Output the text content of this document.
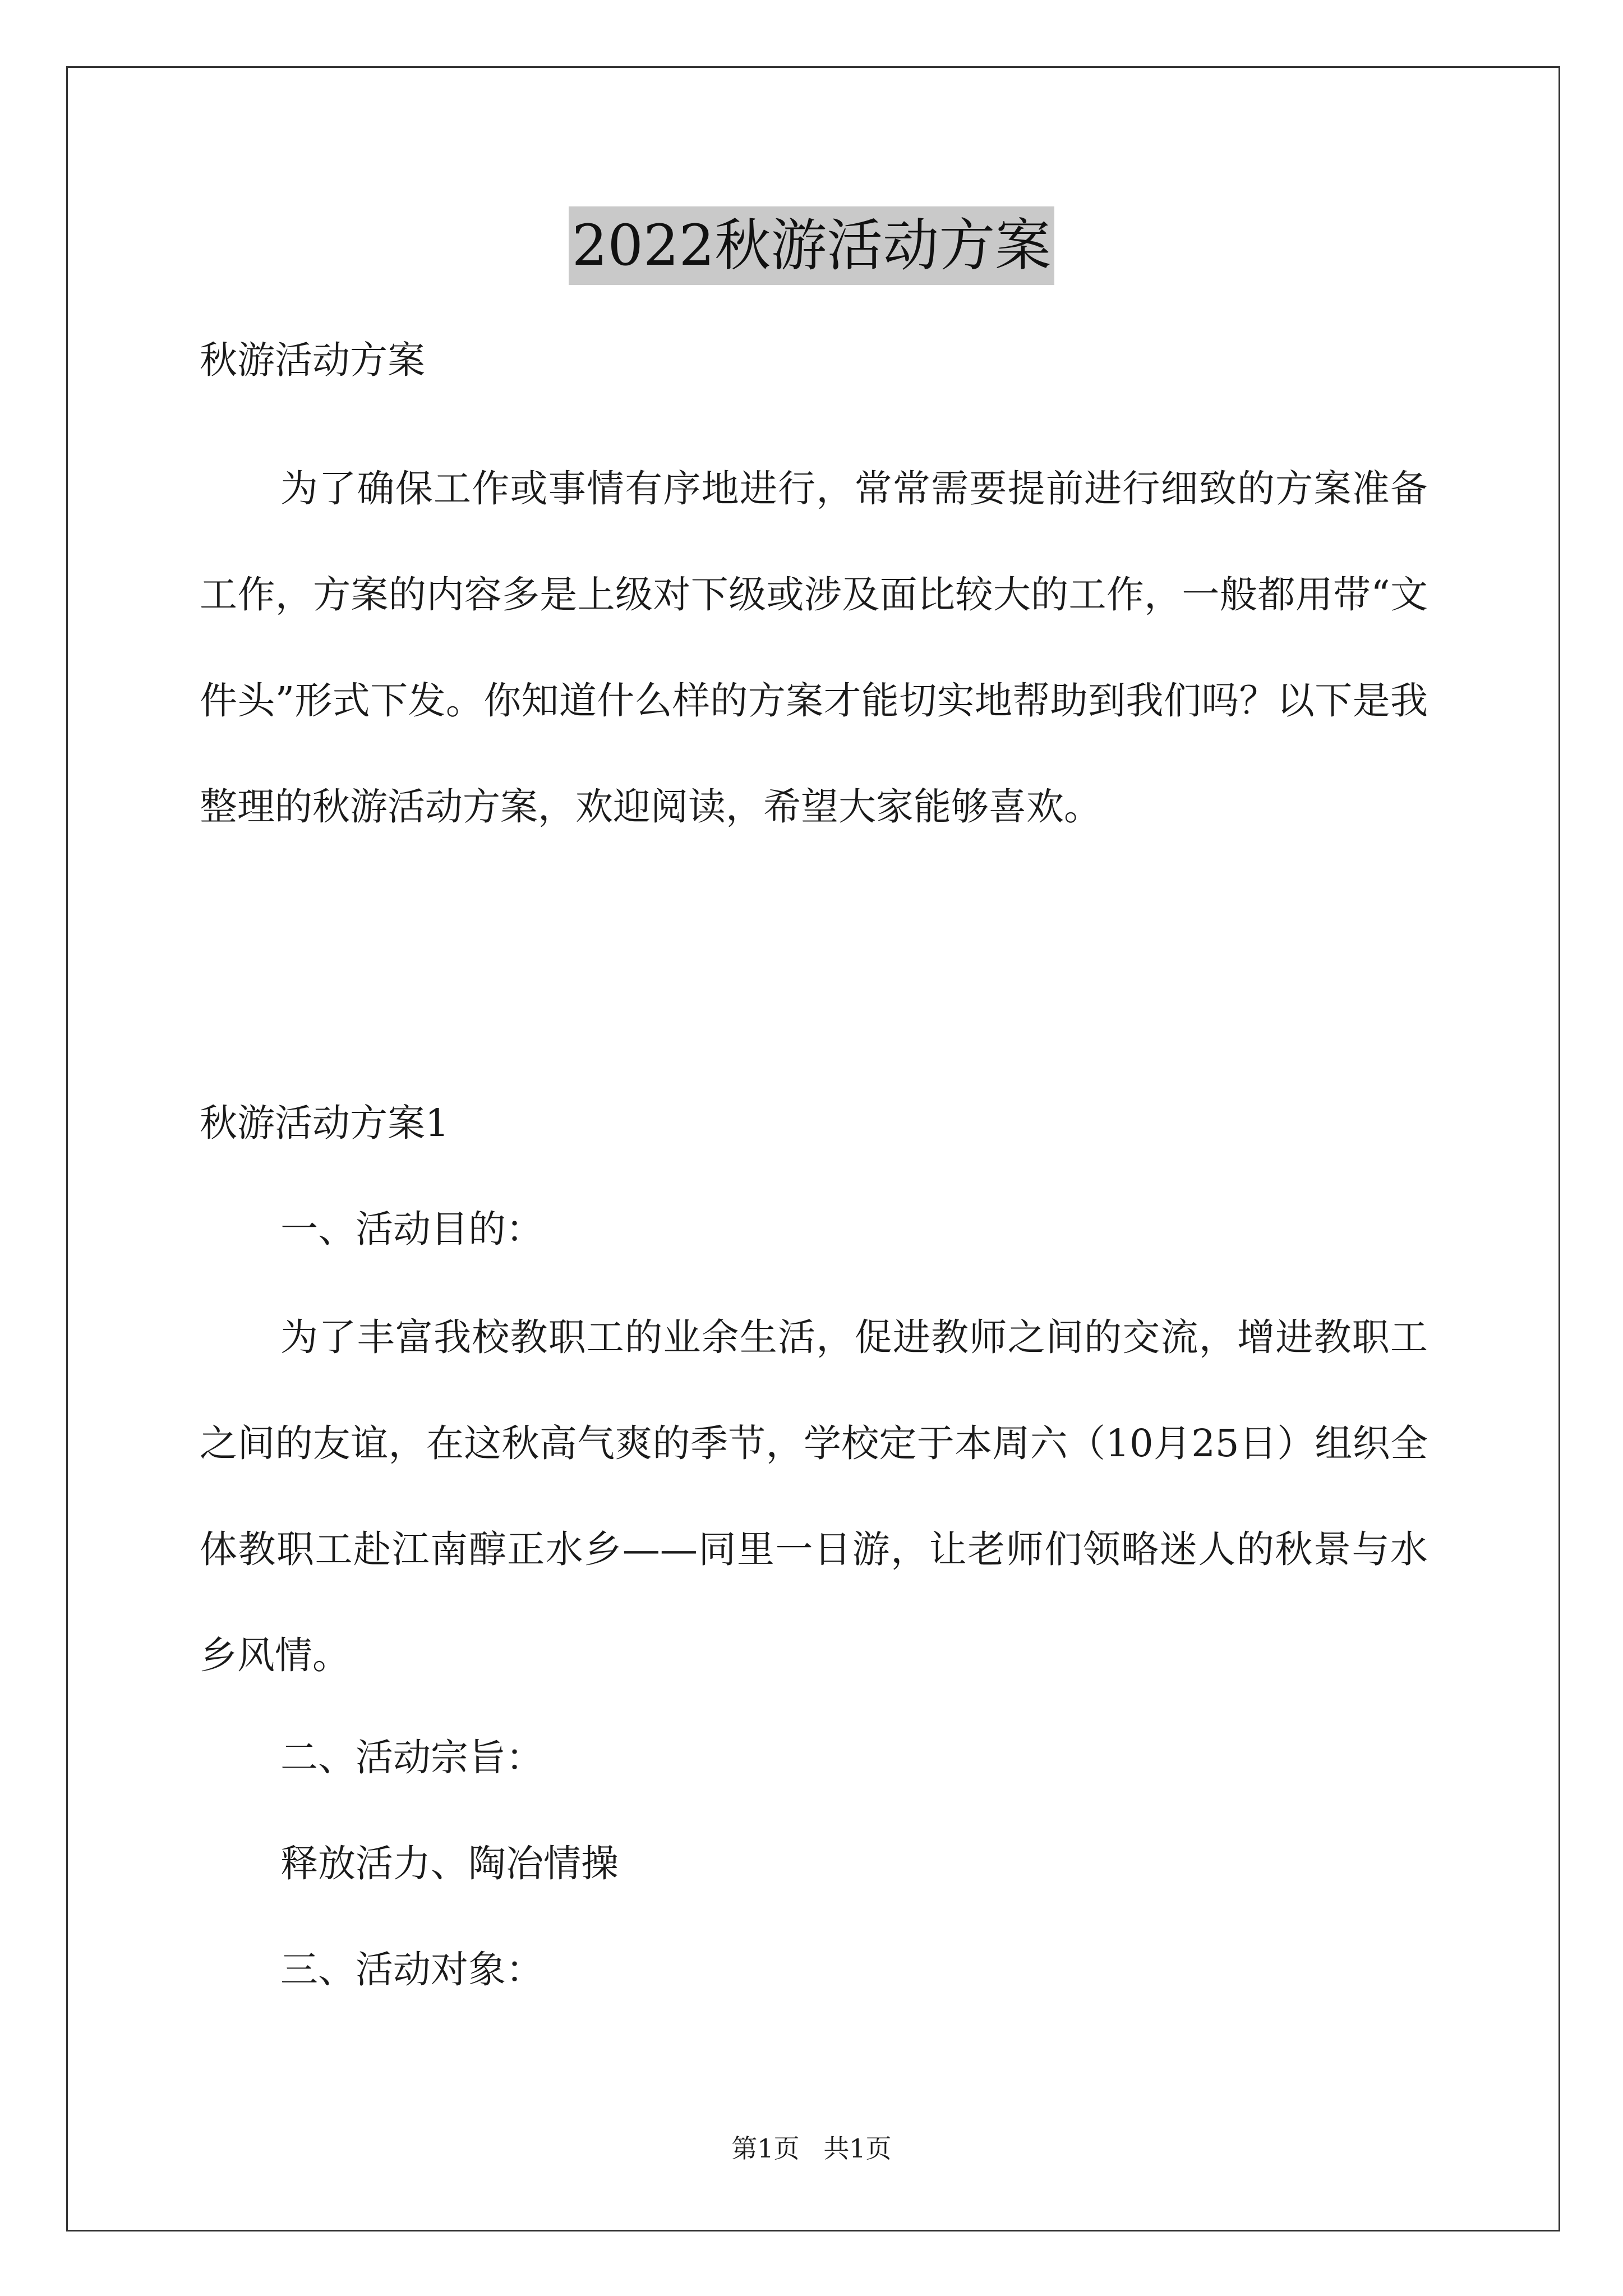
2022秋游活动方案
秋游活动方案
为了确保工作或事情有序地进行，常常需要提前进行细致的方案准备工作，方案的内容多是上级对下级或涉及面比较大的工作，一般都用带“文件头”形式下发。你知道什么样的方案才能切实地帮助到我们吗？以下是我整理的秋游活动方案，欢迎阅读，希望大家能够喜欢。
秋游活动方案1
一、活动目的：
为了丰富我校教职工的业余生活，促进教师之间的交流，增进教职工之间的友谊，在这秋高气爽的季节，学校定于本周六（10月25日）组织全体教职工赴江南醇正水乡——同里一日游，让老师们领略迷人的秋景与水乡风情。
二、活动宗旨：
释放活力、陶冶情操
三、活动对象：
第1页 共1页
